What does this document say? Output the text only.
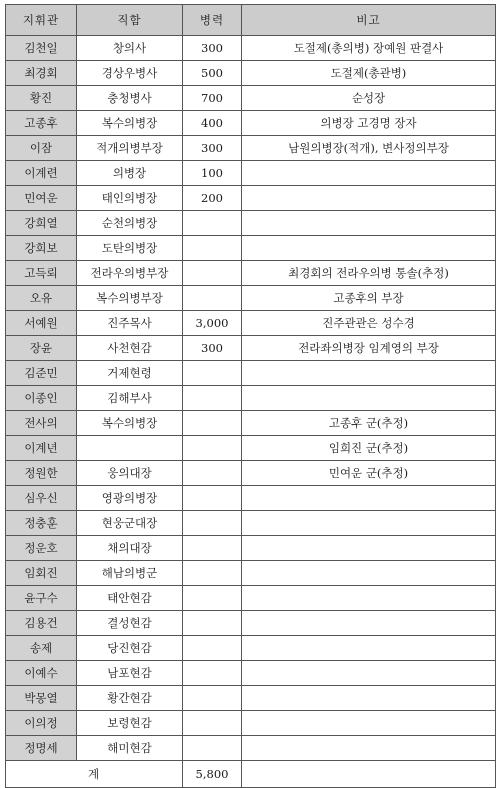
지휘관	직함	병력	비고
김천일	창의사	300	도절제(총의병) 장예원 판결사
최경회	경상우병사	500	도절제(총관병)
황진	충청병사	700	순성장
고종후	복수의병장	400	의병장 고경명 장자
이잠	적개의병부장	300	남원의병장(적개), 변사정의부장
이계련	의병장	100	
민여운	태인의병장	200	
강희열	순천의병장		
강희보	도탄의병장		
고득뢰	전라우의병부장		최경회의 전라우의병 통솔(추정)
오유	복수의병부장		고종후의 부장
서예원	진주목사	3,000	진주관관은 성수경
장윤	사천현감	300	전라좌의병장 임계영의 부장
김준민	거제현령		
이종인	김해부사		
전사의	복수의병장		고종후 군(추정)
이계년			임희진 군(추정)
정원한	웅의대장		민여운 군(추정)
심우신	영광의병장		
정충훈	현웅군대장		
정운호	채의대장		
임회진	해남의병군		
윤구수	태안현감		
김용건	결성현감		
송제	당진현감		
이예수	남포현감		
박몽열	황간현감		
이의정	보령현감		
정명세	해미현감		
계		5,800	
